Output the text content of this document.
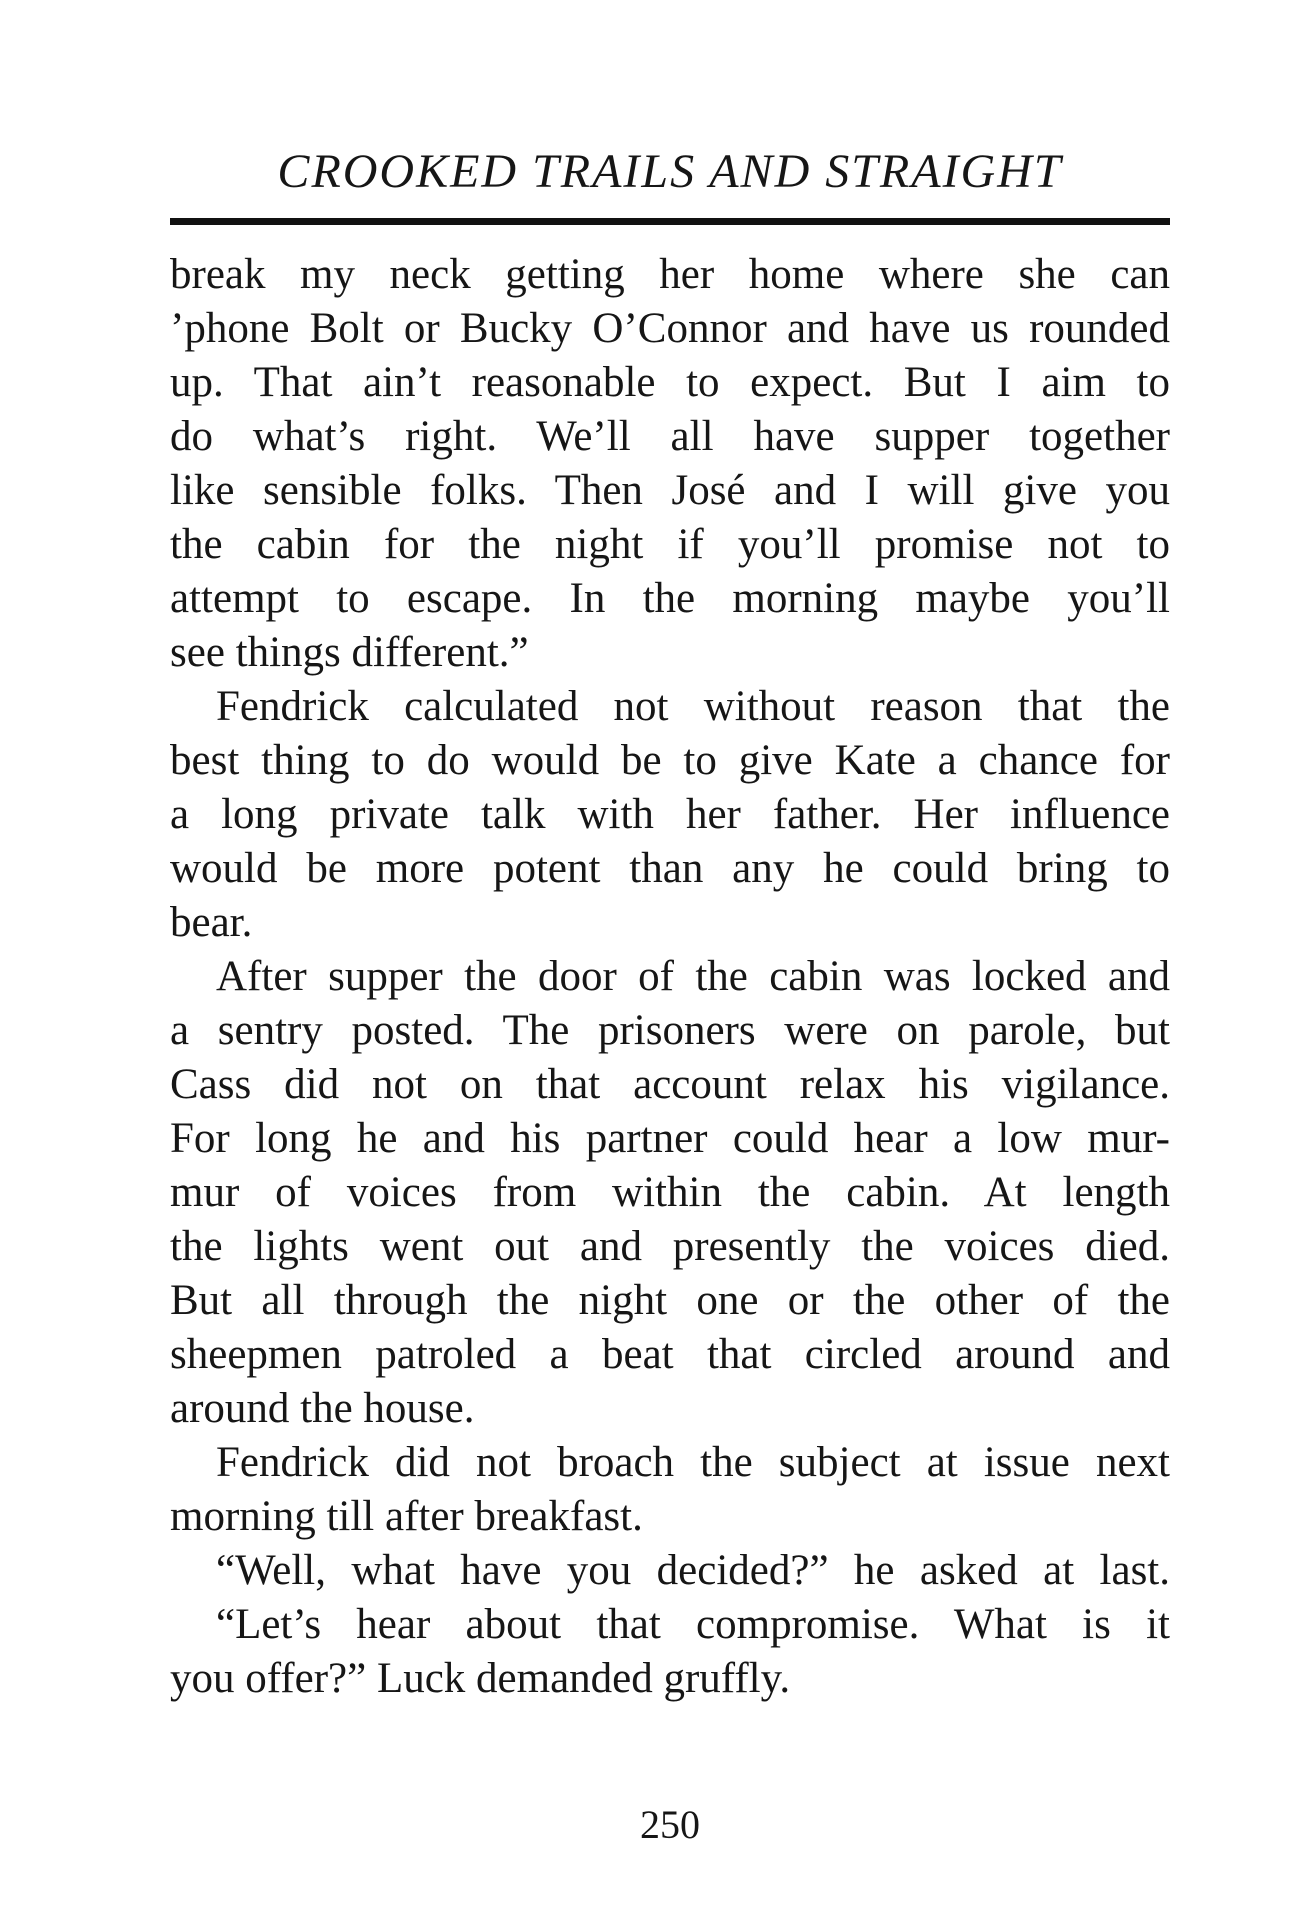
CROOKED TRAILS AND STRAIGHT
break my neck getting her home where she can
’phone Bolt or Bucky O’Connor and have us rounded
up. That ain’t reasonable to expect. But I aim to
do what’s right. We’ll all have supper together
like sensible folks. Then José and I will give you
the cabin for the night if you’ll promise not to
attempt to escape. In the morning maybe you’ll
see things different.”
Fendrick calculated not without reason that the
best thing to do would be to give Kate a chance for
a long private talk with her father. Her influence
would be more potent than any he could bring to
bear.
After supper the door of the cabin was locked and
a sentry posted. The prisoners were on parole, but
Cass did not on that account relax his vigilance.
For long he and his partner could hear a low mur-
mur of voices from within the cabin. At length
the lights went out and presently the voices died.
But all through the night one or the other of the
sheepmen patroled a beat that circled around and
around the house.
Fendrick did not broach the subject at issue next
morning till after breakfast.
“Well, what have you decided?” he asked at last.
“Let’s hear about that compromise. What is it
you offer?” Luck demanded gruffly.

250
